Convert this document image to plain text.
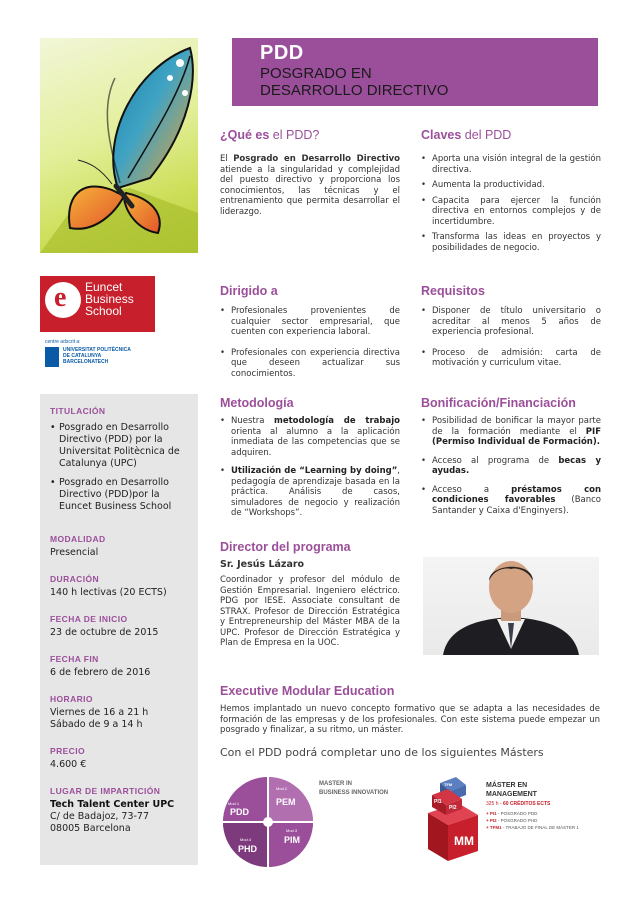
PDD
POSGRADO EN
DESARROLLO DIRECTIVO
e
Euncet
Business
School
centre adscrit a:
UNIVERSITAT POLITÈCNICA
DE CATALUNYA
BARCELONATECH
TITULACIÓN
• Posgrado en Desarrollo Directivo (PDD) por la Universitat Politècnica de Catalunya (UPC)
• Posgrado en Desarrollo Directivo (PDD)por la Euncet Business School
MODALIDAD
Presencial
DURACIÓN
140 h lectivas (20 ECTS)
FECHA DE INICIO
23 de octubre de 2015
FECHA FIN
6 de febrero de 2016
HORARIO
Viernes de 16 a 21 h
Sábado de 9 a 14 h
PRECIO
4.600 €
LUGAR DE IMPARTICIÓN
Tech Talent Center UPC
C/ de Badajoz, 73-77
08005 Barcelona
¿Qué es el PDD?

El Posgrado en Desarrollo Directivo atiende a la singularidad y complejidad del puesto directivo y proporciona los conocimientos, las técnicas y el entrenamiento que permita desarrollar el liderazgo.

Claves del PDD
• Aporta una visión integral de la gestión directiva.
• Aumenta la productividad.
• Capacita para ejercer la función directiva en entornos complejos y de incertidumbre.
• Transforma las ideas en proyectos y posibilidades de negocio.
Dirigido a
• Profesionales provenientes de cualquier sector empresarial, que cuenten con experiencia laboral.
• Profesionales con experiencia directiva que deseen actualizar sus conocimientos.
Requisitos
• Disponer de título universitario o acreditar al menos 5 años de experiencia profesional.
• Proceso de admisión: carta de motivación y curriculum vitae.
Metodología
• Nuestra metodología de trabajo orienta al alumno a la aplicación inmediata de las competencias que se adquiren.
• Utilización de “Learning by doing”, pedagogía de aprendizaje basada en la práctica. Análisis de casos, simuladores de negocio y realización de “Workshops”.
Bonificación/Financiación
• Posibilidad de bonificar la mayor parte de la formación mediante el PIF (Permiso Individual de Formación).
• Acceso al programa de becas y ayudas.
• Acceso a préstamos con condiciones favorables (Banco Santander y Caixa d'Enginyers).
Director del programa
Sr. Jesús Lázaro

Coordinador y profesor del módulo de Gestión Empresarial. Ingeniero eléctrico. PDG por IESE. Associate consultant de STRAX. Profesor de Dirección Estratégica y Entrepreneurship del Máster MBA de la UPC. Profesor de Dirección Estratégica y Plan de Empresa en la UOC.

Executive Modular Education

Hemos implantado un nuevo concepto formativo que se adapta a las necesidades de formación de las empresas y de los profesionales. Con este sistema puede empezar un posgrado y finalizar, a su ritmo, un máster.

Con el PDD podrá completar uno de los siguientes Másters
Mod.1
PDD
Mod.2
PEM
Mod.3
PIM
Mod.4
PHD
MASTER IN
BUSINESS INNOVATION
TFM
PI1
PI2
MM
MÁSTER EN
MANAGEMENT
325 h - 60 CRÉDITOS ECTS
+ PI1 - POSGRADO PDD
+ PI2 - POSGRADO PHD
+ TFM1 - TRABAJO DE FINAL DE MÁSTER 1
